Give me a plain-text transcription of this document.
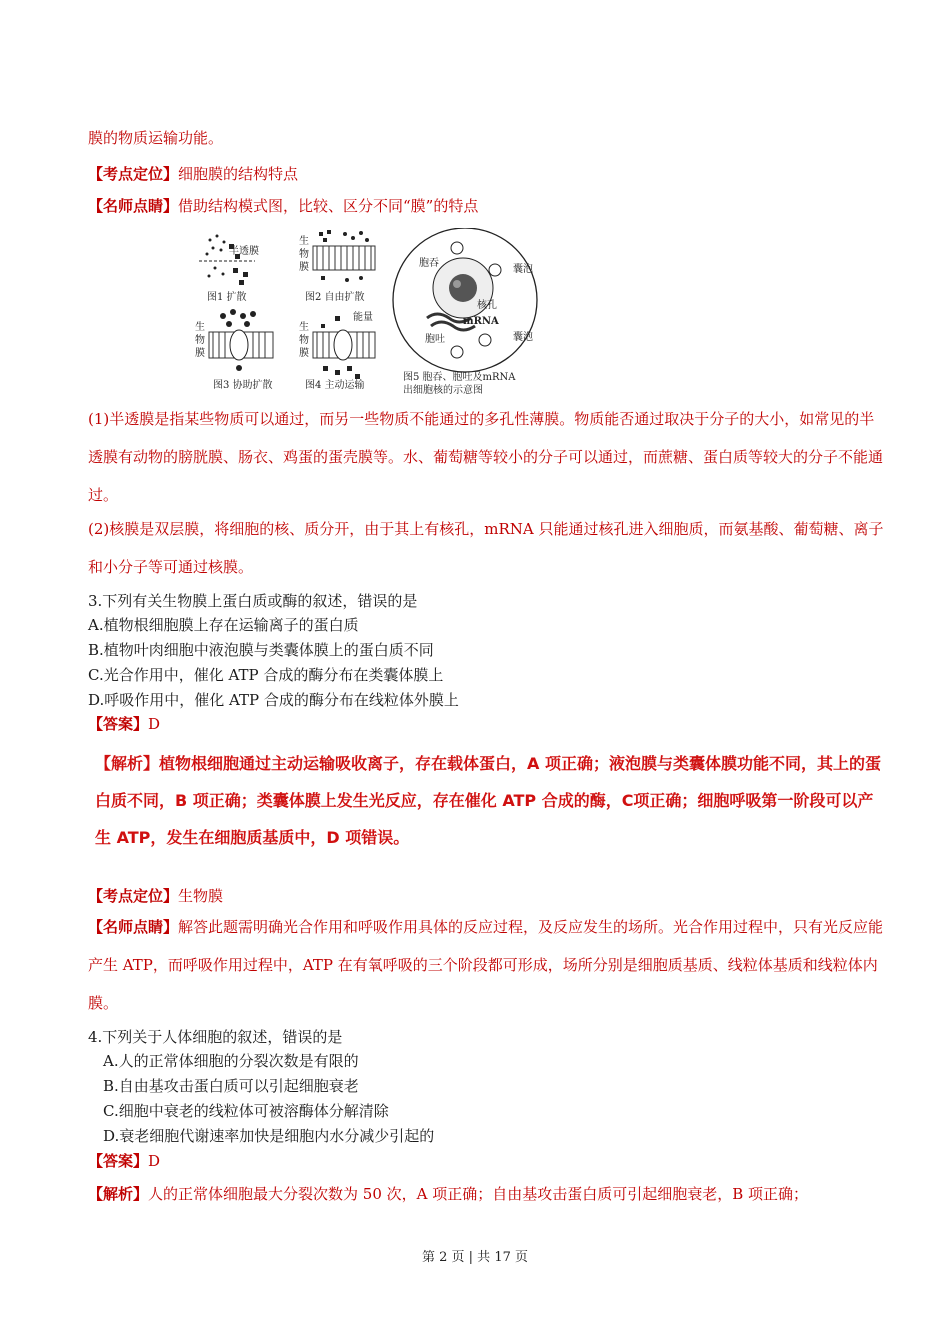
膜的物质运输功能。
【考点定位】细胞膜的结构特点
【名师点睛】借助结构模式图，比较、区分不同“膜”的特点
半透膜
图1 扩散
生
物
膜
图2 自由扩散
生
物
膜
图3 协助扩散
生
物
膜
能量
图4 主动运输
胞吞
囊泡
核孔
mRNA
胞吐	囊泡
图5 胞吞、胞吐及mRNA
出细胞核的示意图
(1)半透膜是指某些物质可以通过，而另一些物质不能通过的多孔性薄膜。物质能否通过取决于分子的大小，如常见的半透膜有动物的膀胱膜、肠衣、鸡蛋的蛋壳膜等。水、葡萄糖等较小的分子可以通过，而蔗糖、蛋白质等较大的分子不能通过。
(2)核膜是双层膜，将细胞的核、质分开，由于其上有核孔，mRNA 只能通过核孔进入细胞质，而氨基酸、葡萄糖、离子和小分子等可通过核膜。
3.下列有关生物膜上蛋白质或酶的叙述，错误的是
A.植物根细胞膜上存在运输离子的蛋白质
B.植物叶肉细胞中液泡膜与类囊体膜上的蛋白质不同
C.光合作用中，催化 ATP 合成的酶分布在类囊体膜上
D.呼吸作用中，催化 ATP 合成的酶分布在线粒体外膜上
【答案】D
【解析】植物根细胞通过主动运输吸收离子，存在载体蛋白，A 项正确；液泡膜与类囊体膜功能不同，其上的蛋白质不同，B 项正确；类囊体膜上发生光反应，存在催化 ATP 合成的酶，C项正确；细胞呼吸第一阶段可以产生 ATP，发生在细胞质基质中，D 项错误。
【考点定位】生物膜
【名师点睛】解答此题需明确光合作用和呼吸作用具体的反应过程，及反应发生的场所。光合作用过程中，只有光反应能产生 ATP，而呼吸作用过程中，ATP 在有氧呼吸的三个阶段都可形成，场所分别是细胞质基质、线粒体基质和线粒体内膜。
4.下列关于人体细胞的叙述，错误的是
A.人的正常体细胞的分裂次数是有限的
B.自由基攻击蛋白质可以引起细胞衰老
C.细胞中衰老的线粒体可被溶酶体分解清除
D.衰老细胞代谢速率加快是细胞内水分减少引起的
【答案】D
【解析】人的正常体细胞最大分裂次数为 50 次，A 项正确；自由基攻击蛋白质可引起细胞衰老，B 项正确；
第 2 页 | 共 17 页
